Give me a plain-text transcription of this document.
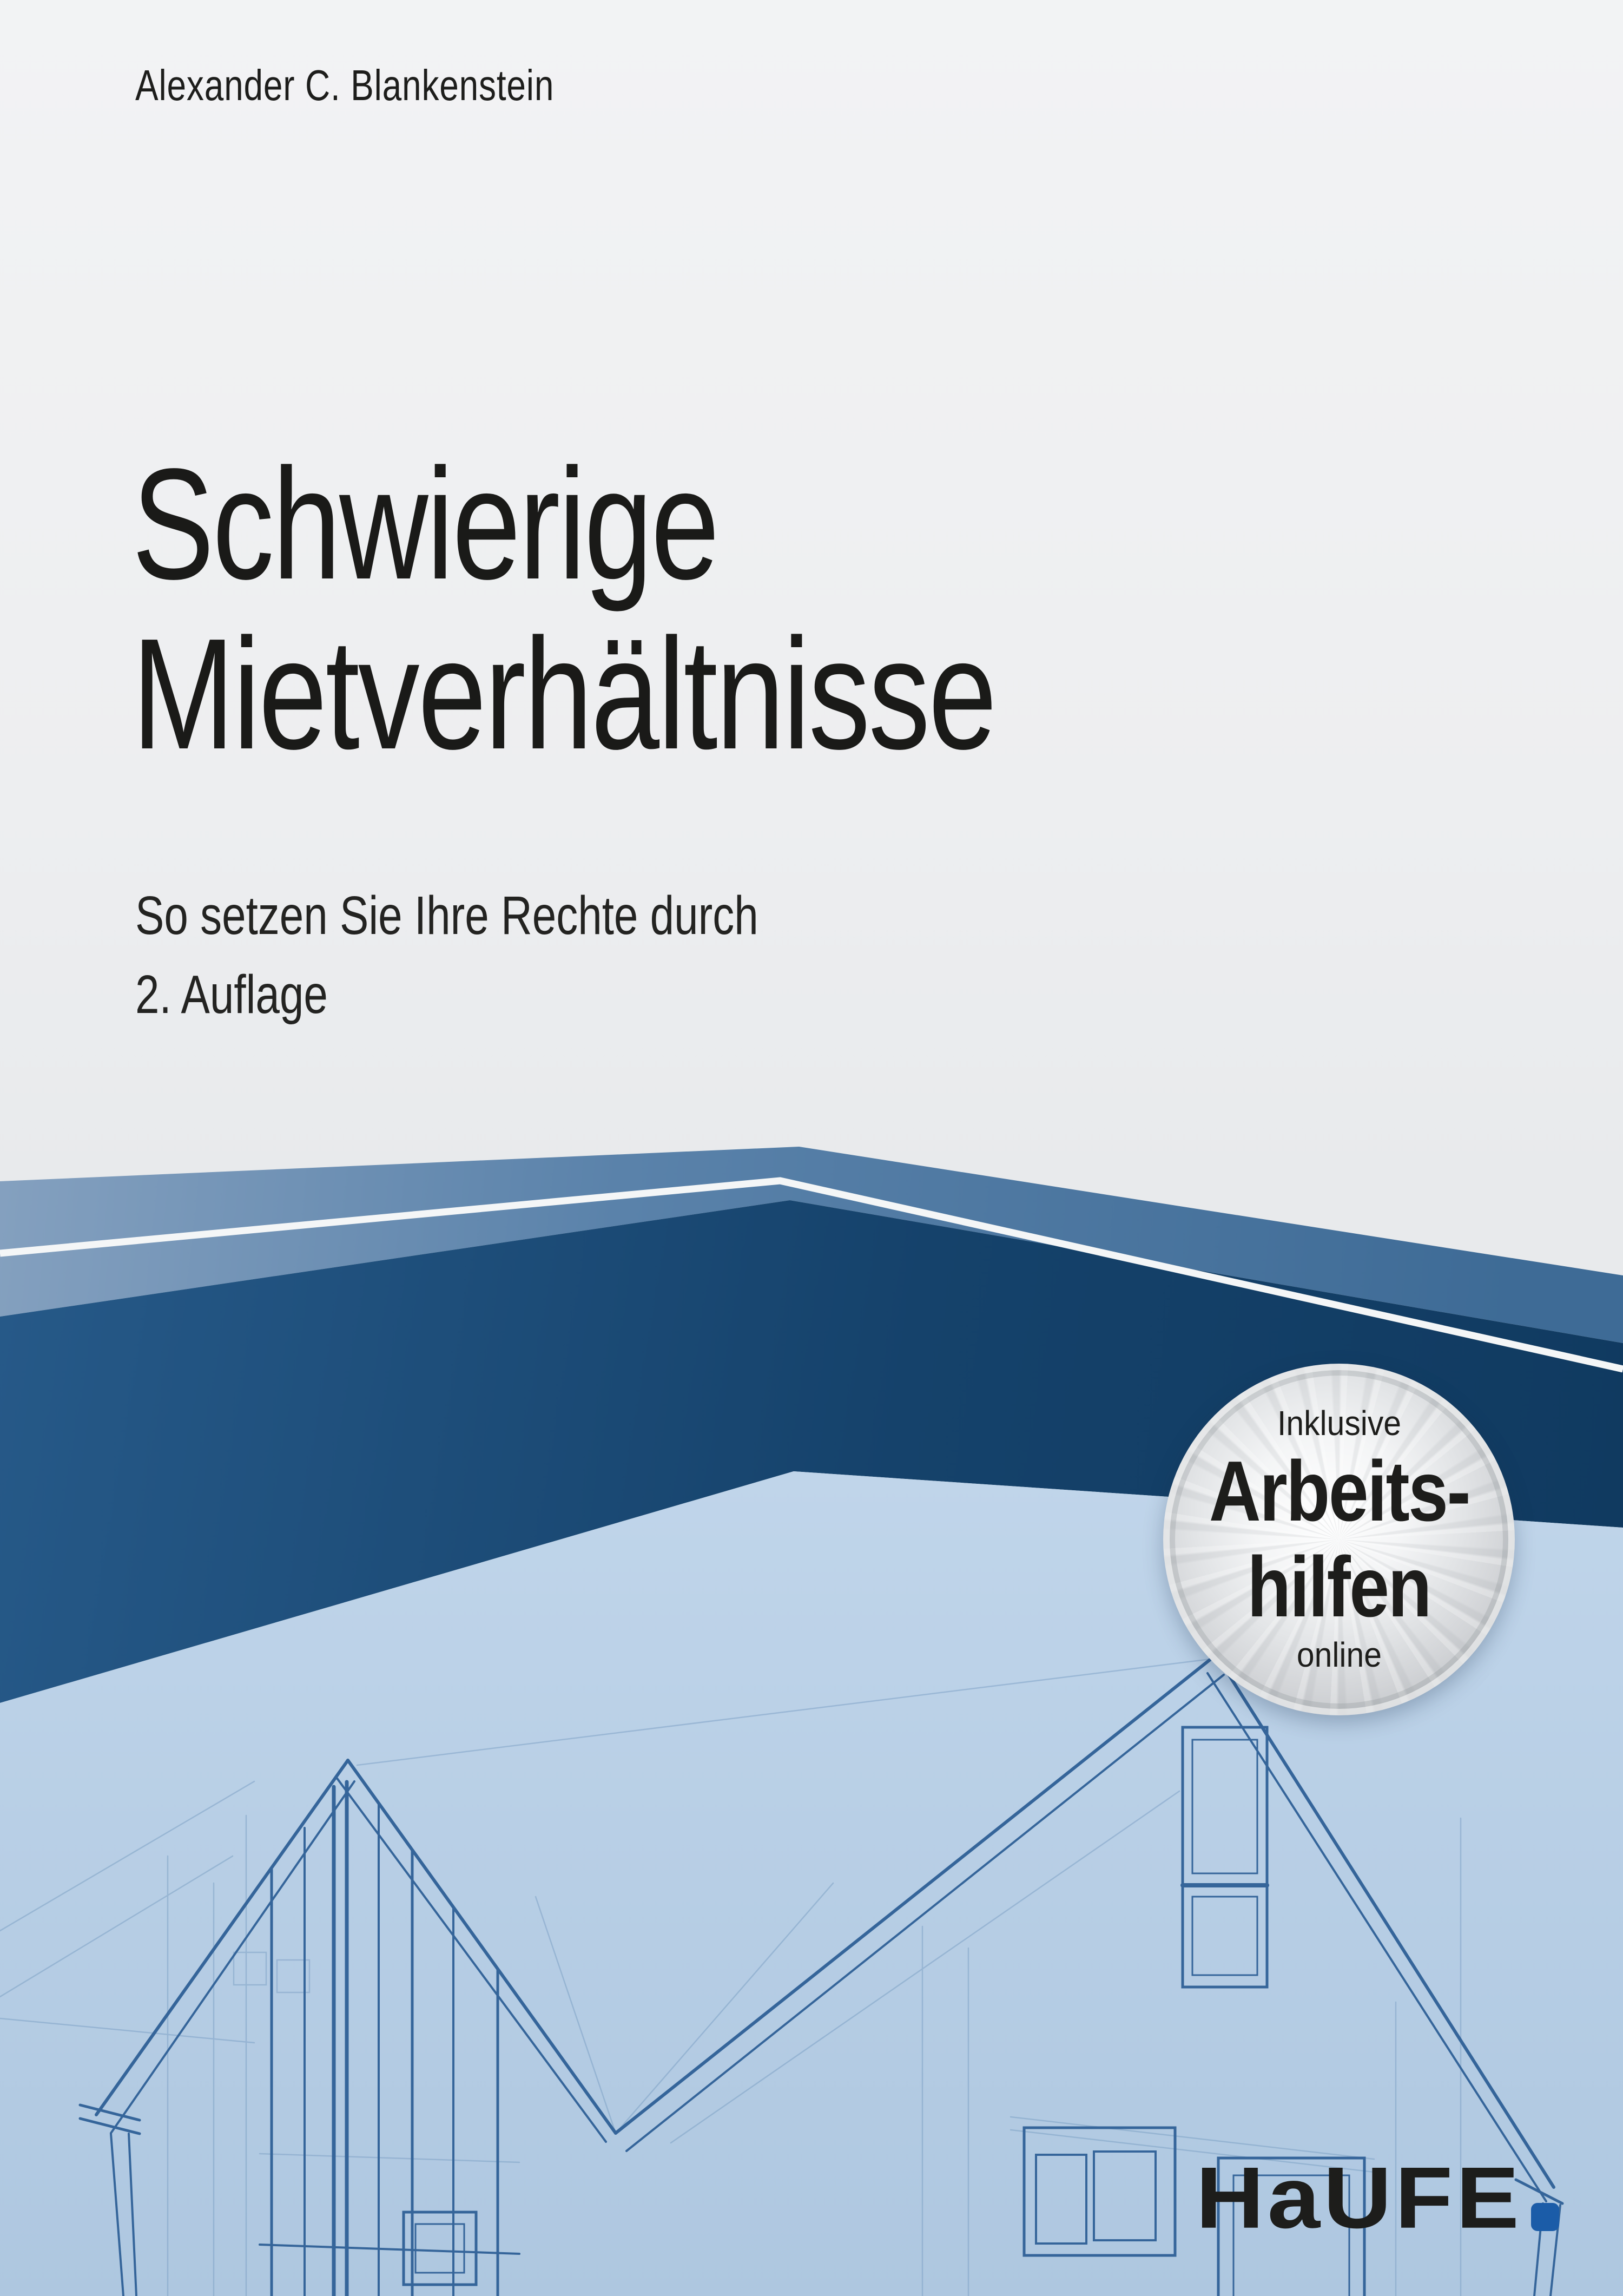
Alexander C. Blankenstein
Schwierige
Mietverhältnisse
So setzen Sie Ihre Rechte durch
2. Auflage
Inklusive
Arbeits-
hilfen
online
HaUFE
